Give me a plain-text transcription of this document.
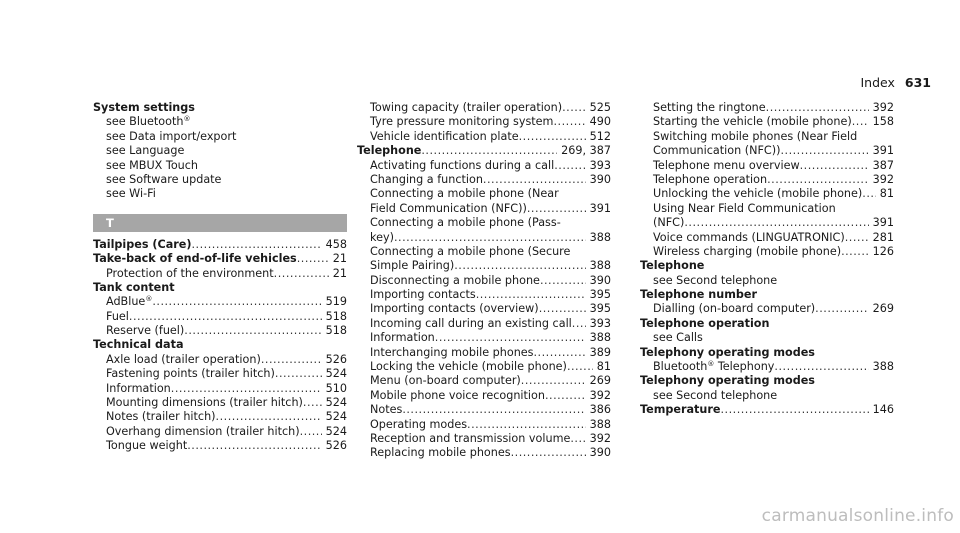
Index 631
System settings
see Bluetooth®
see Data import/export
see Language
see MBUX Touch
see Software update
see Wi-Fi
T
Tailpipes (Care) .....	458
Take-back of end-of-life vehicles .....	21
Protection of the environment .....	21
Tank content
AdBlue® .....	519
Fuel .....	518
Reserve (fuel) .....	518
Technical data
Axle load (trailer operation) .....	526
Fastening points (trailer hitch) .....	524
Information .....	510
Mounting dimensions (trailer hitch) .....	524
Notes (trailer hitch) .....	524
Overhang dimension (trailer hitch) .....	524
Tongue weight .....	526
Towing capacity (trailer operation) .....	525
Tyre pressure monitoring system .....	490
Vehicle identification plate .....	512
Telephone .....	269, 387
Activating functions during a call .....	393
Changing a function .....	390
Connecting a mobile phone (Near
Field Communication (NFC)) .....	391
Connecting a mobile phone (Pass-
key) .....	388
Connecting a mobile phone (Secure
Simple Pairing) .....	388
Disconnecting a mobile phone .....	390
Importing contacts .....	395
Importing contacts (overview) .....	395
Incoming call during an existing call .....	393
Information .....	388
Interchanging mobile phones .....	389
Locking the vehicle (mobile phone) .....	81
Menu (on-board computer) .....	269
Mobile phone voice recognition .....	392
Notes .....	386
Operating modes .....	388
Reception and transmission volume .....	392
Replacing mobile phones .....	390
Setting the ringtone .....	392
Starting the vehicle (mobile phone) .....	158
Switching mobile phones (Near Field
Communication (NFC)) .....	391
Telephone menu overview .....	387
Telephone operation .....	392
Unlocking the vehicle (mobile phone) .....	81
Using Near Field Communication
(NFC) .....	391
Voice commands (LINGUATRONIC) .....	281
Wireless charging (mobile phone) .....	126
Telephone
see Second telephone
Telephone number
Dialling (on-board computer) .....	269
Telephone operation
see Calls
Telephony operating modes
Bluetooth® Telephony .....	388
Telephony operating modes
see Second telephone
Temperature .....	146
carmanualsonline.info
